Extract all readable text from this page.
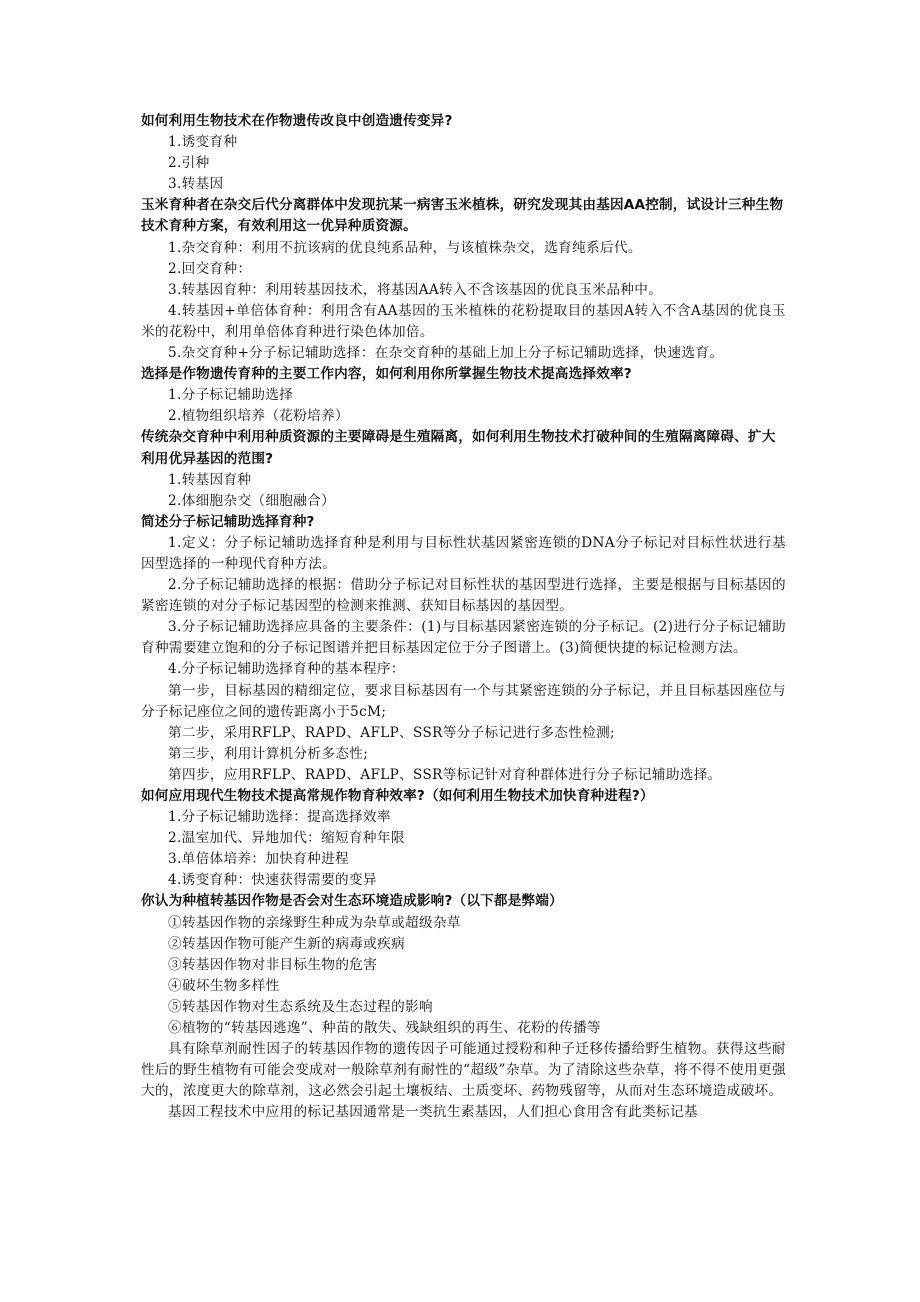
如何利用生物技术在作物遗传改良中创造遗传变异?

1.诱变育种

2.引种

3.转基因

玉米育种者在杂交后代分离群体中发现抗某一病害玉米植株，研究发现其由基因AA控制，试设计三种生物技术育种方案，有效利用这一优异种质资源。

1.杂交育种：利用不抗该病的优良纯系品种，与该植株杂交，选育纯系后代。

2.回交育种：

3.转基因育种：利用转基因技术，将基因AA转入不含该基因的优良玉米品种中。

4.转基因+单倍体育种：利用含有AA基因的玉米植株的花粉提取目的基因A转入不含A基因的优良玉米的花粉中，利用单倍体育种进行染色体加倍。

5.杂交育种+分子标记辅助选择：在杂交育种的基础上加上分子标记辅助选择，快速选育。

选择是作物遗传育种的主要工作内容，如何利用你所掌握生物技术提高选择效率?

1.分子标记辅助选择

2.植物组织培养（花粉培养）

传统杂交育种中利用种质资源的主要障碍是生殖隔离，如何利用生物技术打破种间的生殖隔离障碍、扩大利用优异基因的范围?

1.转基因育种

2.体细胞杂交（细胞融合）

简述分子标记辅助选择育种?

1.定义：分子标记辅助选择育种是利用与目标性状基因紧密连锁的DNA分子标记对目标性状进行基因型选择的一种现代育种方法。

2.分子标记辅助选择的根据：借助分子标记对目标性状的基因型进行选择，主要是根据与目标基因的紧密连锁的对分子标记基因型的检测来推测、获知目标基因的基因型。

3.分子标记辅助选择应具备的主要条件：(1)与目标基因紧密连锁的分子标记。(2)进行分子标记辅助育种需要建立饱和的分子标记图谱并把目标基因定位于分子图谱上。(3)简便快捷的标记检测方法。

4.分子标记辅助选择育种的基本程序：

第一步，目标基因的精细定位，要求目标基因有一个与其紧密连锁的分子标记，并且目标基因座位与分子标记座位之间的遗传距离小于5cM;

第二步，采用RFLP、RAPD、AFLP、SSR等分子标记进行多态性检测;

第三步，利用计算机分析多态性;

第四步，应用RFLP、RAPD、AFLP、SSR等标记针对育种群体进行分子标记辅助选择。

如何应用现代生物技术提高常规作物育种效率?（如何利用生物技术加快育种进程?）

1.分子标记辅助选择：提高选择效率

2.温室加代、异地加代：缩短育种年限

3.单倍体培养：加快育种进程

4.诱变育种：快速获得需要的变异

你认为种植转基因作物是否会对生态环境造成影响?（以下都是弊端）

①转基因作物的亲缘野生种成为杂草或超级杂草

②转基因作物可能产生新的病毒或疾病

③转基因作物对非目标生物的危害

④破坏生物多样性

⑤转基因作物对生态系统及生态过程的影响

⑥植物的“转基因逃逸”、种苗的散失、残缺组织的再生、花粉的传播等

具有除草剂耐性因子的转基因作物的遗传因子可能通过授粉和种子迁移传播给野生植物。获得这些耐性后的野生植物有可能会变成对一般除草剂有耐性的“超级”杂草。为了清除这些杂草，将不得不使用更强大的，浓度更大的除草剂，这必然会引起土壤板结、土质变坏、药物残留等，从而对生态环境造成破坏。

基因工程技术中应用的标记基因通常是一类抗生素基因，人们担心食用含有此类标记基
